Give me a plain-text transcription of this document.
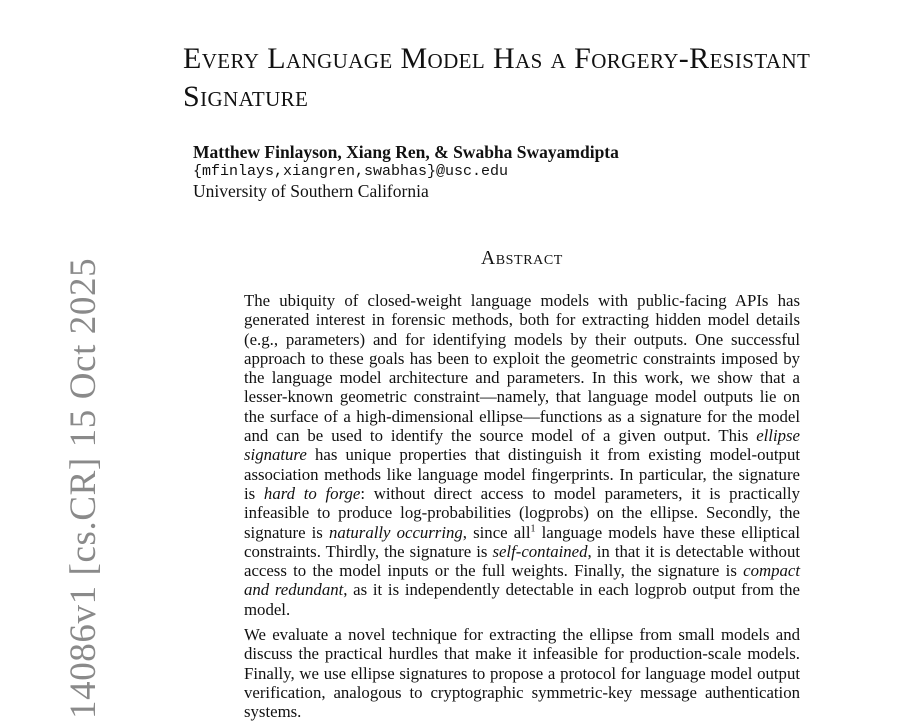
14086v1 [cs.CR] 15 Oct 2025
Every Language Model Has a Forgery-Resistant Signature
Matthew Finlayson, Xiang Ren, & Swabha Swayamdipta
{mfinlays,xiangren,swabhas}@usc.edu
University of Southern California
Abstract

The ubiquity of closed-weight language models with public-facing APIs has generated interest in forensic methods, both for extracting hidden model details (e.g., parameters) and for identifying models by their outputs. One successful approach to these goals has been to exploit the geometric constraints imposed by the language model architecture and parameters. In this work, we show that a lesser-known geometric constraint—namely, that language model outputs lie on the surface of a high-dimensional ellipse—functions as a signature for the model and can be used to identify the source model of a given output. This ellipse signature has unique properties that distinguish it from existing model-output association methods like language model fingerprints. In particular, the signature is hard to forge: without direct access to model parameters, it is practically infeasible to produce log-probabilities (logprobs) on the ellipse. Secondly, the signature is naturally occurring, since all$^1$ language models have these elliptical constraints. Thirdly, the signature is self-contained, in that it is detectable without access to the model inputs or the full weights. Finally, the signature is compact and redundant, as it is independently detectable in each logprob output from the model.

We evaluate a novel technique for extracting the ellipse from small models and discuss the practical hurdles that make it infeasible for production-scale models. Finally, we use ellipse signatures to propose a protocol for language model output verification, analogous to cryptographic symmetric-key message authentication systems.
